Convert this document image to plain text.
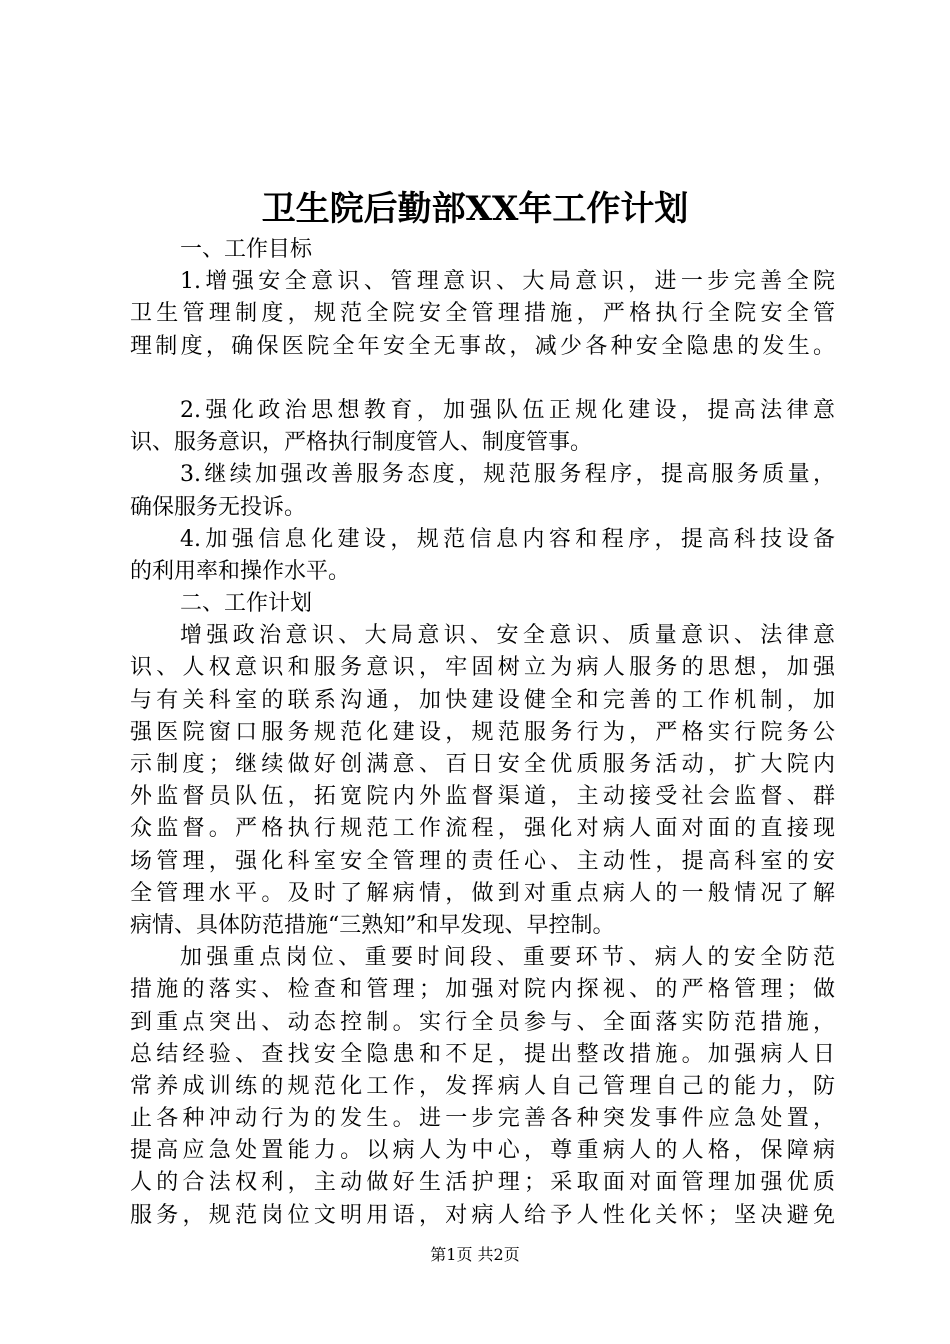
卫生院后勤部XX年工作计划
一、工作目标
1.增强安全意识、管理意识、大局意识，进一步完善全院
卫生管理制度，规范全院安全管理措施，严格执行全院安全管
理制度，确保医院全年安全无事故，减少各种安全隐患的发生。
2.强化政治思想教育，加强队伍正规化建设，提高法律意
识、服务意识，严格执行制度管人、制度管事。
3.继续加强改善服务态度，规范服务程序，提高服务质量，
确保服务无投诉。
4.加强信息化建设，规范信息内容和程序，提高科技设备
的利用率和操作水平。
二、工作计划
增强政治意识、大局意识、安全意识、质量意识、法律意
识、人权意识和服务意识，牢固树立为病人服务的思想，加强
与有关科室的联系沟通，加快建设健全和完善的工作机制，加
强医院窗口服务规范化建设，规范服务行为，严格实行院务公
示制度；继续做好创满意、百日安全优质服务活动，扩大院内
外监督员队伍，拓宽院内外监督渠道，主动接受社会监督、群
众监督。严格执行规范工作流程，强化对病人面对面的直接现
场管理，强化科室安全管理的责任心、主动性，提高科室的安
全管理水平。及时了解病情，做到对重点病人的一般情况了解
病情、具体防范措施“三熟知”和早发现、早控制。
加强重点岗位、重要时间段、重要环节、病人的安全防范
措施的落实、检查和管理；加强对院内探视、的严格管理；做
到重点突出、动态控制。实行全员参与、全面落实防范措施，
总结经验、查找安全隐患和不足，提出整改措施。加强病人日
常养成训练的规范化工作，发挥病人自己管理自己的能力，防
止各种冲动行为的发生。进一步完善各种突发事件应急处置，
提高应急处置能力。以病人为中心，尊重病人的人格，保障病
人的合法权利，主动做好生活护理；采取面对面管理加强优质
服务，规范岗位文明用语，对病人给予人性化关怀；坚决避免
第1页 共2页
